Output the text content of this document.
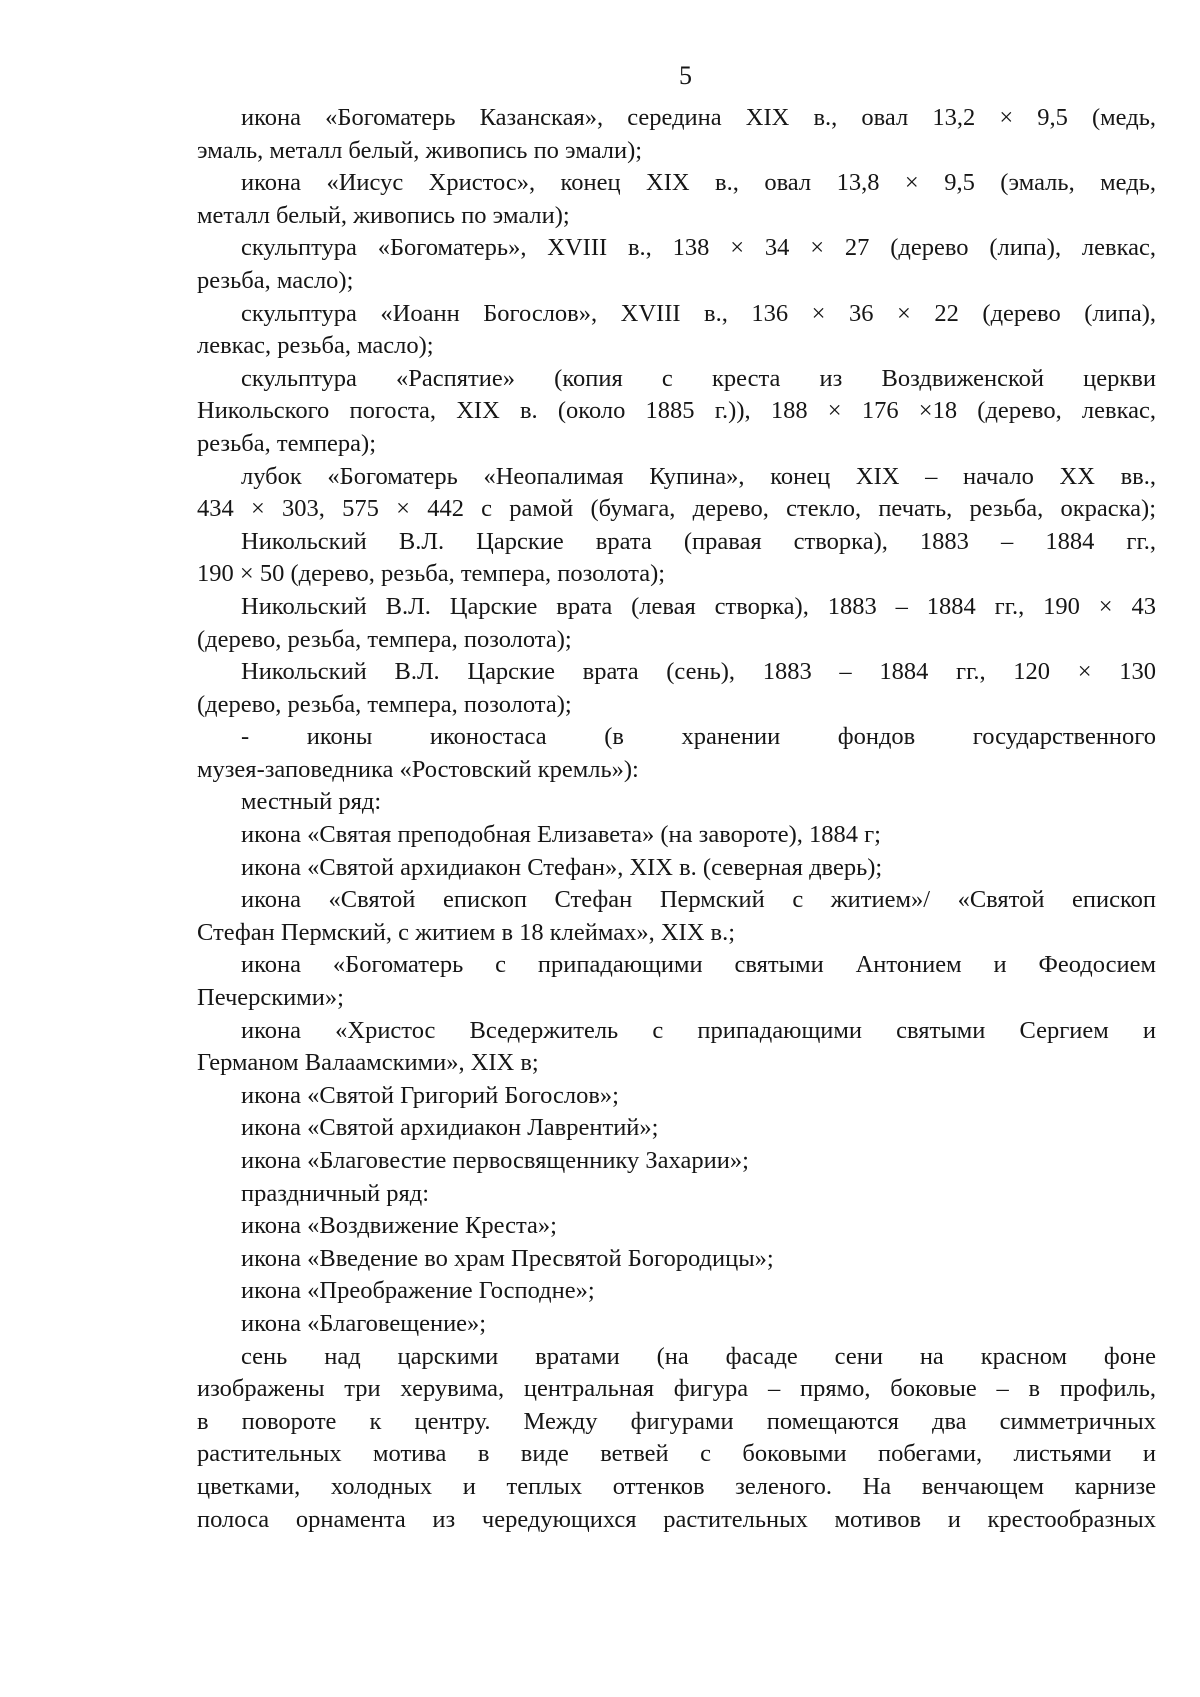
5
икона «Богоматерь Казанская», середина XIX в., овал 13,2 × 9,5 (медь,
эмаль, металл белый, живопись по эмали);
икона «Иисус Христос», конец XIX в., овал 13,8 × 9,5 (эмаль, медь,
металл белый, живопись по эмали);
скульптура «Богоматерь», XVIII в., 138 × 34 × 27 (дерево (липа), левкас,
резьба, масло);
скульптура «Иоанн Богослов», XVIII в., 136 × 36 × 22 (дерево (липа),
левкас, резьба, масло);
скульптура «Распятие» (копия с креста из Воздвиженской церкви
Никольского погоста, XIX в. (около 1885 г.)), 188 × 176 ×18 (дерево, левкас,
резьба, темпера);
лубок «Богоматерь «Неопалимая Купина», конец XIX – начало XX вв.,
434 × 303, 575 × 442 с рамой (бумага, дерево, стекло, печать, резьба, окраска);
Никольский В.Л. Царские врата (правая створка), 1883 – 1884 гг.,
190 × 50 (дерево, резьба, темпера, позолота);
Никольский В.Л. Царские врата (левая створка), 1883 – 1884 гг., 190 × 43
(дерево, резьба, темпера, позолота);
Никольский В.Л. Царские врата (сень), 1883 – 1884 гг., 120 × 130
(дерево, резьба, темпера, позолота);
- иконы иконостаса (в хранении фондов государственного
музея-заповедника «Ростовский кремль»):
местный ряд:
икона «Святая преподобная Елизавета» (на завороте), 1884 г;
икона «Святой архидиакон Стефан», XIX в. (северная дверь);
икона «Святой епископ Стефан Пермский с житием»/ «Святой епископ
Стефан Пермский, с житием в 18 клеймах», XIX в.;
икона «Богоматерь с припадающими святыми Антонием и Феодосием
Печерскими»;
икона «Христос Вседержитель с припадающими святыми Сергием и
Германом Валаамскими», XIX в;
икона «Святой Григорий Богослов»;
икона «Святой архидиакон Лаврентий»;
икона «Благовестие первосвященнику Захарии»;
праздничный ряд:
икона «Воздвижение Креста»;
икона «Введение во храм Пресвятой Богородицы»;
икона «Преображение Господне»;
икона «Благовещение»;
сень над царскими вратами (на фасаде сени на красном фоне
изображены три херувима, центральная фигура – прямо, боковые – в профиль,
в повороте к центру. Между фигурами помещаются два симметричных
растительных мотива в виде ветвей с боковыми побегами, листьями и
цветками, холодных и теплых оттенков зеленого. На венчающем карнизе
полоса орнамента из чередующихся растительных мотивов и крестообразных
